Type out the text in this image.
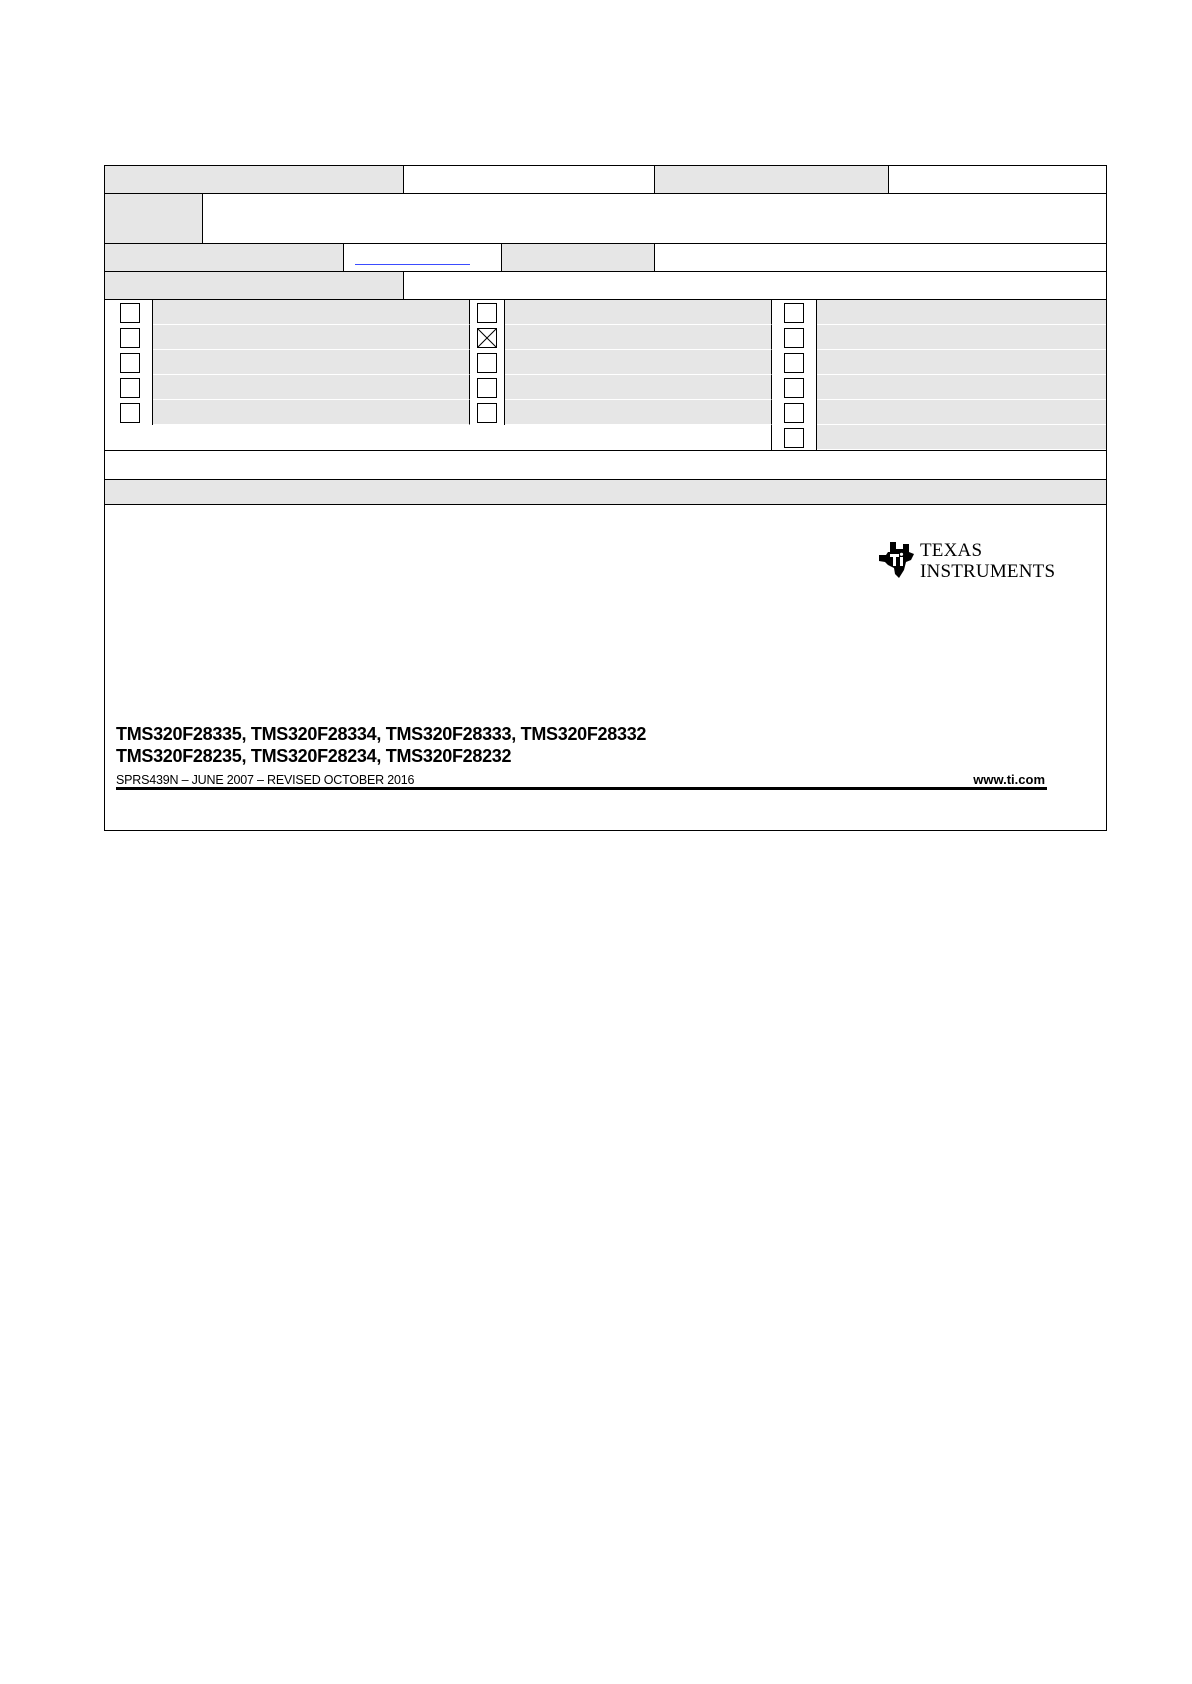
TEXAS
INSTRUMENTS
TMS320F28335, TMS320F28334, TMS320F28333, TMS320F28332
TMS320F28235, TMS320F28234, TMS320F28232
SPRS439N – JUNE 2007 – REVISED OCTOBER 2016	www.ti.com
